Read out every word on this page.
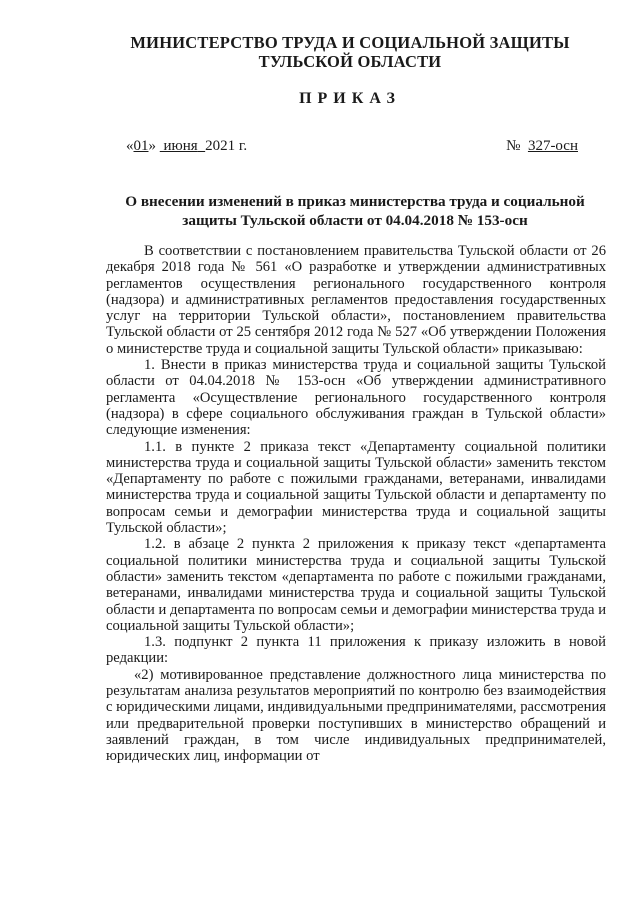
МИНИСТЕРСТВО ТРУДА И СОЦИАЛЬНОЙ ЗАЩИТЫ
ТУЛЬСКОЙ ОБЛАСТИ
ПРИКАЗ
«01» июня 2021 г.	№ 327-осн
О внесении изменений в приказ министерства труда и социальной
защиты Тульской области от 04.04.2018 № 153-осн

В соответствии с постановлением правительства Тульской области от 26 декабря 2018 года № 561 «О разработке и утверждении административных регламентов осуществления регионального государственного контроля (надзора) и административных регламентов предоставления государственных услуг на территории Тульской области», постановлением правительства Тульской области от 25 сентября 2012 года № 527 «Об утверждении Положения о министерстве труда и социальной защиты Тульской области» приказываю:

1. Внести в приказ министерства труда и социальной защиты Тульской области от 04.04.2018 № 153-осн «Об утверждении административного регламента «Осуществление регионального государственного контроля (надзора) в сфере социального обслуживания граждан в Тульской области» следующие изменения:

1.1. в пункте 2 приказа текст «Департаменту социальной политики министерства труда и социальной защиты Тульской области» заменить текстом «Департаменту по работе с пожилыми гражданами, ветеранами, инвалидами министерства труда и социальной защиты Тульской области и департаменту по вопросам семьи и демографии министерства труда и социальной защиты Тульской области»;

1.2. в абзаце 2 пункта 2 приложения к приказу текст «департамента социальной политики министерства труда и социальной защиты Тульской области» заменить текстом «департамента по работе с пожилыми гражданами, ветеранами, инвалидами министерства труда и социальной защиты Тульской области и департамента по вопросам семьи и демографии министерства труда и социальной защиты Тульской области»;

1.3. подпункт 2 пункта 11 приложения к приказу изложить в новой редакции:

«2) мотивированное представление должностного лица министерства по результатам анализа результатов мероприятий по контролю без взаимодействия с юридическими лицами, индивидуальными предпринимателями, рассмотрения или предварительной проверки поступивших в министерство обращений и заявлений граждан, в том числе индивидуальных предпринимателей, юридических лиц, информации от
